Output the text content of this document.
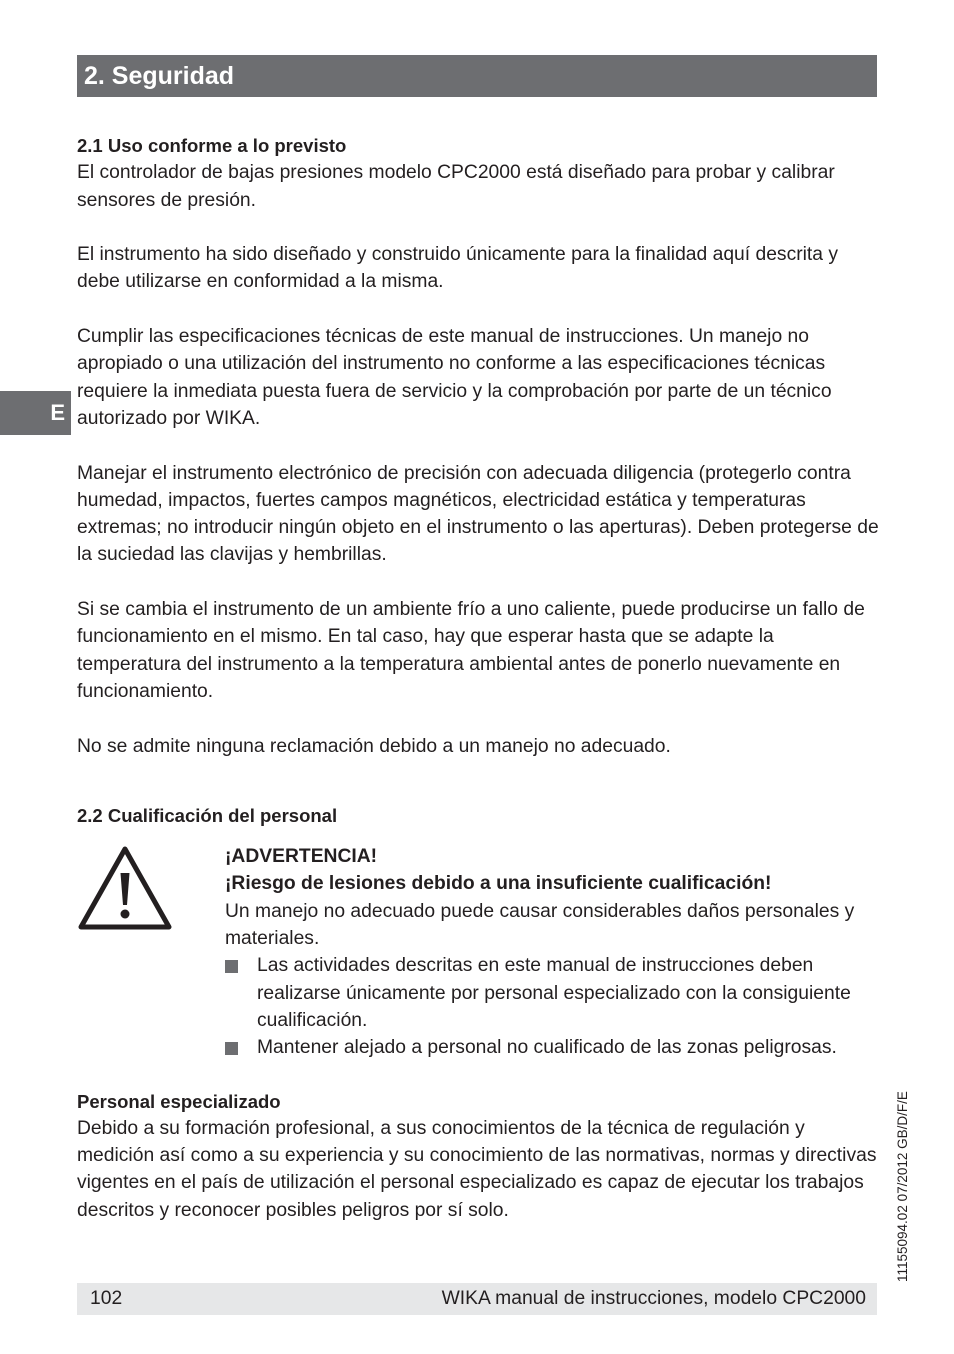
2. Seguridad
E
2.1 Uso conforme a lo previsto

El controlador de bajas presiones modelo CPC2000 está diseñado para probar y calibrar sensores de presión.

El instrumento ha sido diseñado y construido únicamente para la finalidad aquí descrita y debe utilizarse en conformidad a la misma.

Cumplir las especificaciones técnicas de este manual de instrucciones. Un manejo no apropiado o una utilización del instrumento no conforme a las especificaciones técnicas requiere la inmediata puesta fuera de servicio y la comprobación por parte de un técnico autorizado por WIKA.

Manejar el instrumento electrónico de precisión con adecuada diligencia (protegerlo contra humedad, impactos, fuertes campos magnéticos, electricidad estática y temperaturas extremas; no introducir ningún objeto en el instrumento o las aperturas). Deben protegerse de la suciedad las clavijas y hembrillas.

Si se cambia el instrumento de un ambiente frío a uno caliente, puede producirse un fallo de funcionamiento en el mismo. En tal caso, hay que esperar hasta que se adapte la temperatura del instrumento a la temperatura ambiental antes de ponerlo nuevamente en funcionamiento.

No se admite ninguna reclamación debido a un manejo no adecuado.

2.2 Cualificación del personal
¡ADVERTENCIA!
¡Riesgo de lesiones debido a una insuficiente cualificación!
Un manejo no adecuado puede causar considerables daños personales y materiales.
Las actividades descritas en este manual de instrucciones deben realizarse únicamente por personal especializado con la consiguiente cualificación.
Mantener alejado a personal no cualificado de las zonas peligrosas.
Personal especializado

Debido a su formación profesional, a sus conocimientos de la técnica de regulación y medición así como a su experiencia y su conocimiento de las normativas, normas y directivas vigentes en el país de utilización el personal especializado es capaz de ejecutar los trabajos descritos y reconocer posibles peligros por sí solo.	11155094.02 07/2012 GB/D/F/E
102	WIKA manual de instrucciones, modelo CPC2000
